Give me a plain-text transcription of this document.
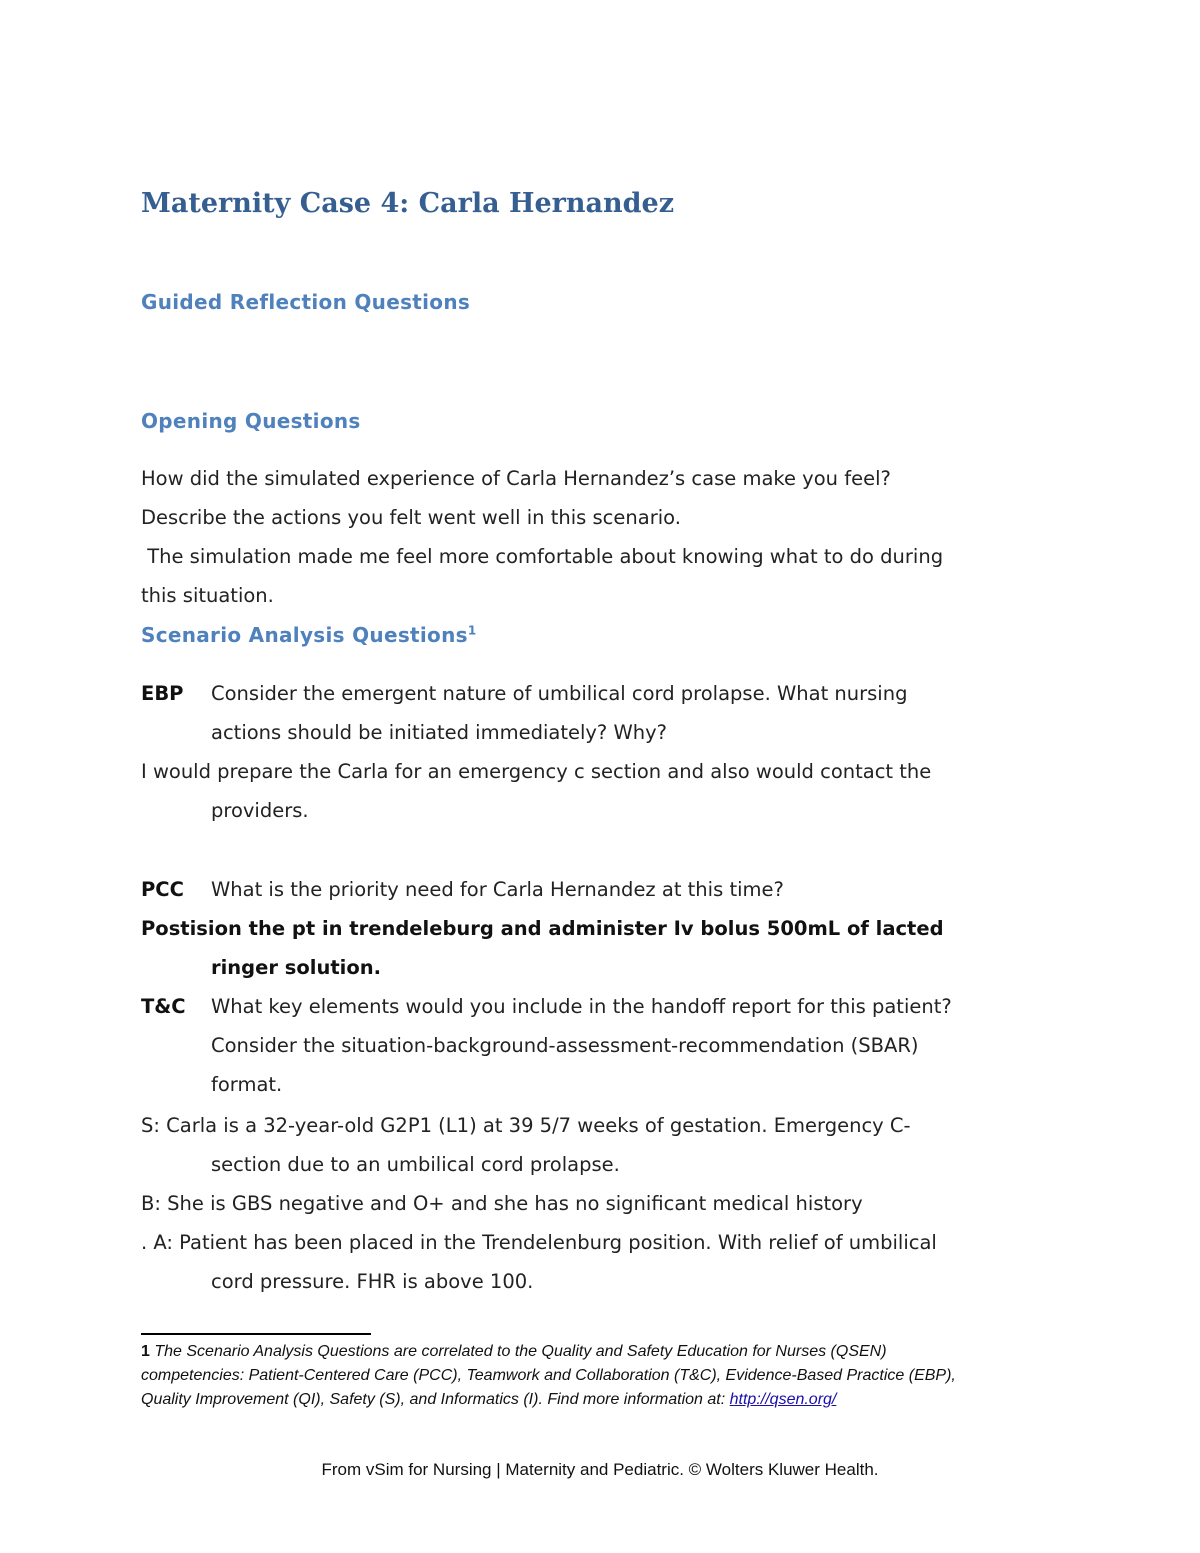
Maternity Case 4: Carla Hernandez
Guided Reflection Questions
Opening Questions
How did the simulated experience of Carla Hernandez’s case make you feel?
Describe the actions you felt went well in this scenario.
The simulation made me feel more comfortable about knowing what to do during
this situation.
Scenario Analysis Questions$^1$
EBP Consider the emergent nature of umbilical cord prolapse. What nursing
actions should be initiated immediately? Why?
I would prepare the Carla for an emergency c section and also would contact the
providers.
PCC What is the priority need for Carla Hernandez at this time?
Postision the pt in trendeleburg and administer Iv bolus 500mL of lacted
ringer solution.
T&C What key elements would you include in the handoff report for this patient?
Consider the situation-background-assessment-recommendation (SBAR)
format.
S: Carla is a 32-year-old G2P1 (L1) at 39 5/7 weeks of gestation. Emergency C-
section due to an umbilical cord prolapse.
B: She is GBS negative and O+ and she has no significant medical history
. A: Patient has been placed in the Trendelenburg position. With relief of umbilical
cord pressure. FHR is above 100.
1 The Scenario Analysis Questions are correlated to the Quality and Safety Education for Nurses (QSEN)
competencies: Patient-Centered Care (PCC), Teamwork and Collaboration (T&C), Evidence-Based Practice (EBP),
Quality Improvement (QI), Safety (S), and Informatics (I). Find more information at: http://qsen.org/
From vSim for Nursing | Maternity and Pediatric. © Wolters Kluwer Health.
